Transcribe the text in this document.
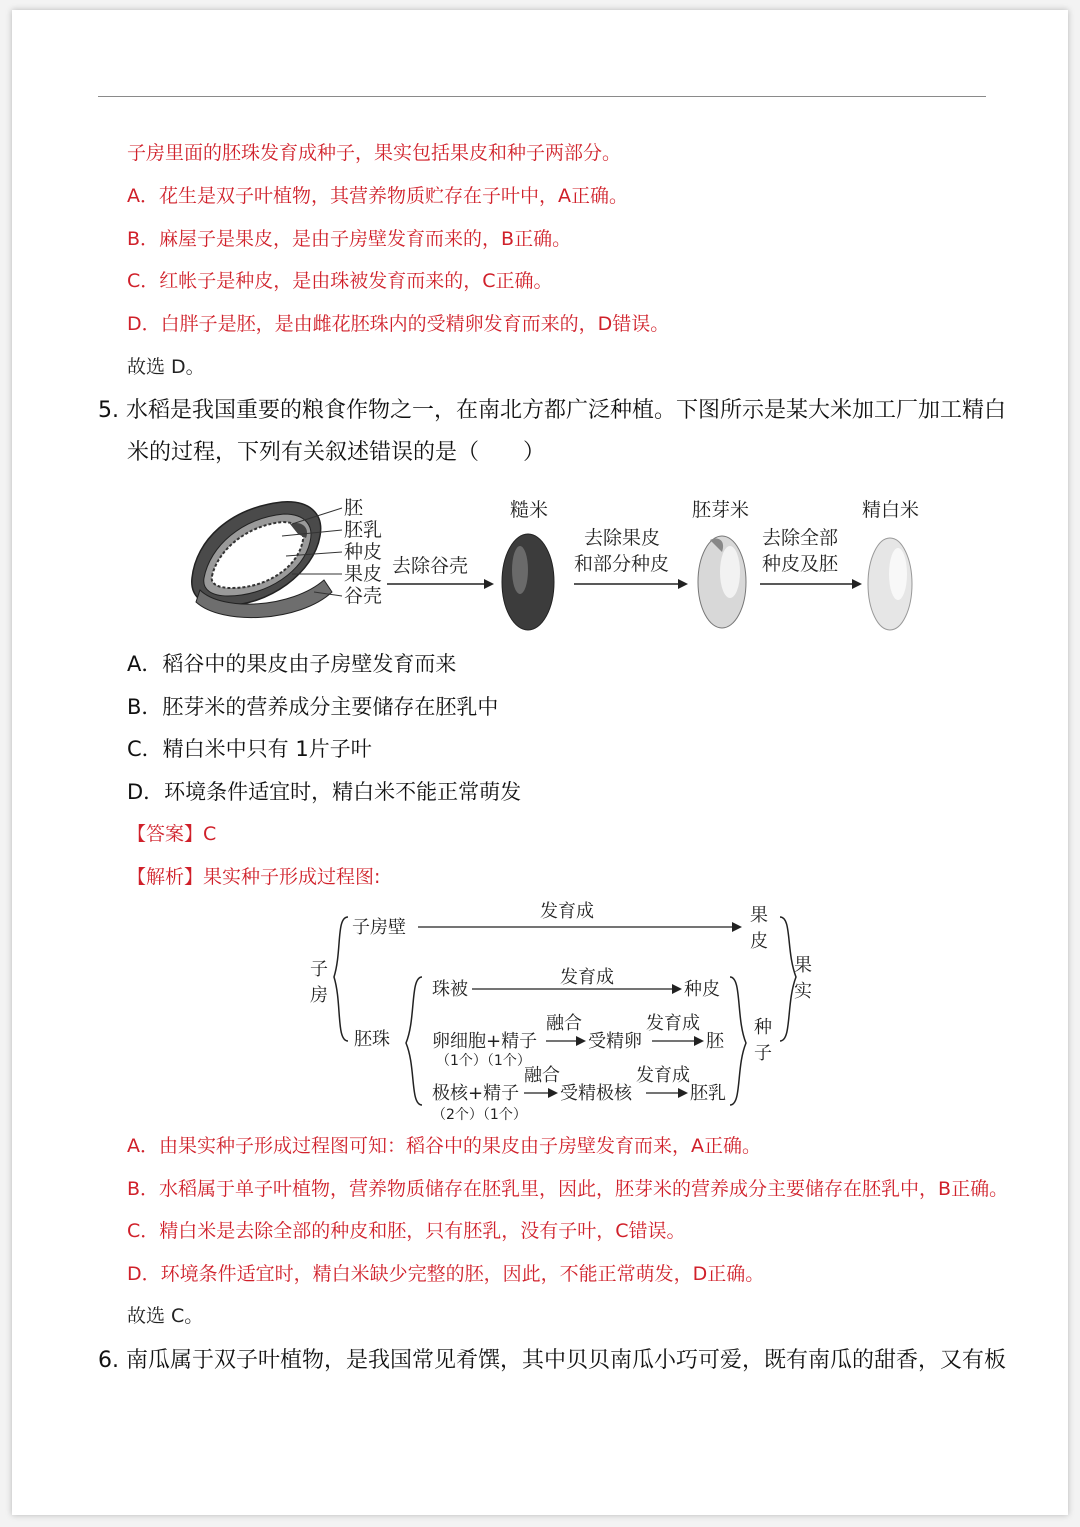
子房里面的胚珠发育成种子，果实包括果皮和种子两部分。
A．花生是双子叶植物，其营养物质贮存在子叶中，A正确。
B．麻屋子是果皮，是由子房壁发育而来的，B正确。
C．红帐子是种皮，是由珠被发育而来的，C正确。
D．白胖子是胚，是由雌花胚珠内的受精卵发育而来的，D错误。
故选 D。
5. 水稻是我国重要的粮食作物之一，在南北方都广泛种植。下图所示是某大米加工厂加工精白
米的过程，下列有关叙述错误的是（　　）
胚
胚乳
种皮
果皮
谷壳
去除谷壳
糙米
去除果皮
和部分种皮
胚芽米
去除全部
种皮及胚
精白米
A．稻谷中的果皮由子房壁发育而来
B．胚芽米的营养成分主要储存在胚乳中
C．精白米中只有 1片子叶
D．环境条件适宜时，精白米不能正常萌发
【答案】C
【解析】果实种子形成过程图:
子
房
子房壁
发育成	果
皮
胚珠
珠被
发育成
种皮
卵细胞+精子
（1个）（1个）
融合
受精卵
发育成
胚
极核+精子
（2个）（1个）
融合
受精极核
发育成
胚乳
种
子
果
实
A．由果实种子形成过程图可知：稻谷中的果皮由子房壁发育而来，A正确。
B．水稻属于单子叶植物，营养物质储存在胚乳里，因此，胚芽米的营养成分主要储存在胚乳中，B正确。
C．精白米是去除全部的种皮和胚，只有胚乳，没有子叶，C错误。
D．环境条件适宜时，精白米缺少完整的胚，因此，不能正常萌发，D正确。
故选 C。
6. 南瓜属于双子叶植物，是我国常见肴馔，其中贝贝南瓜小巧可爱，既有南瓜的甜香，又有板
